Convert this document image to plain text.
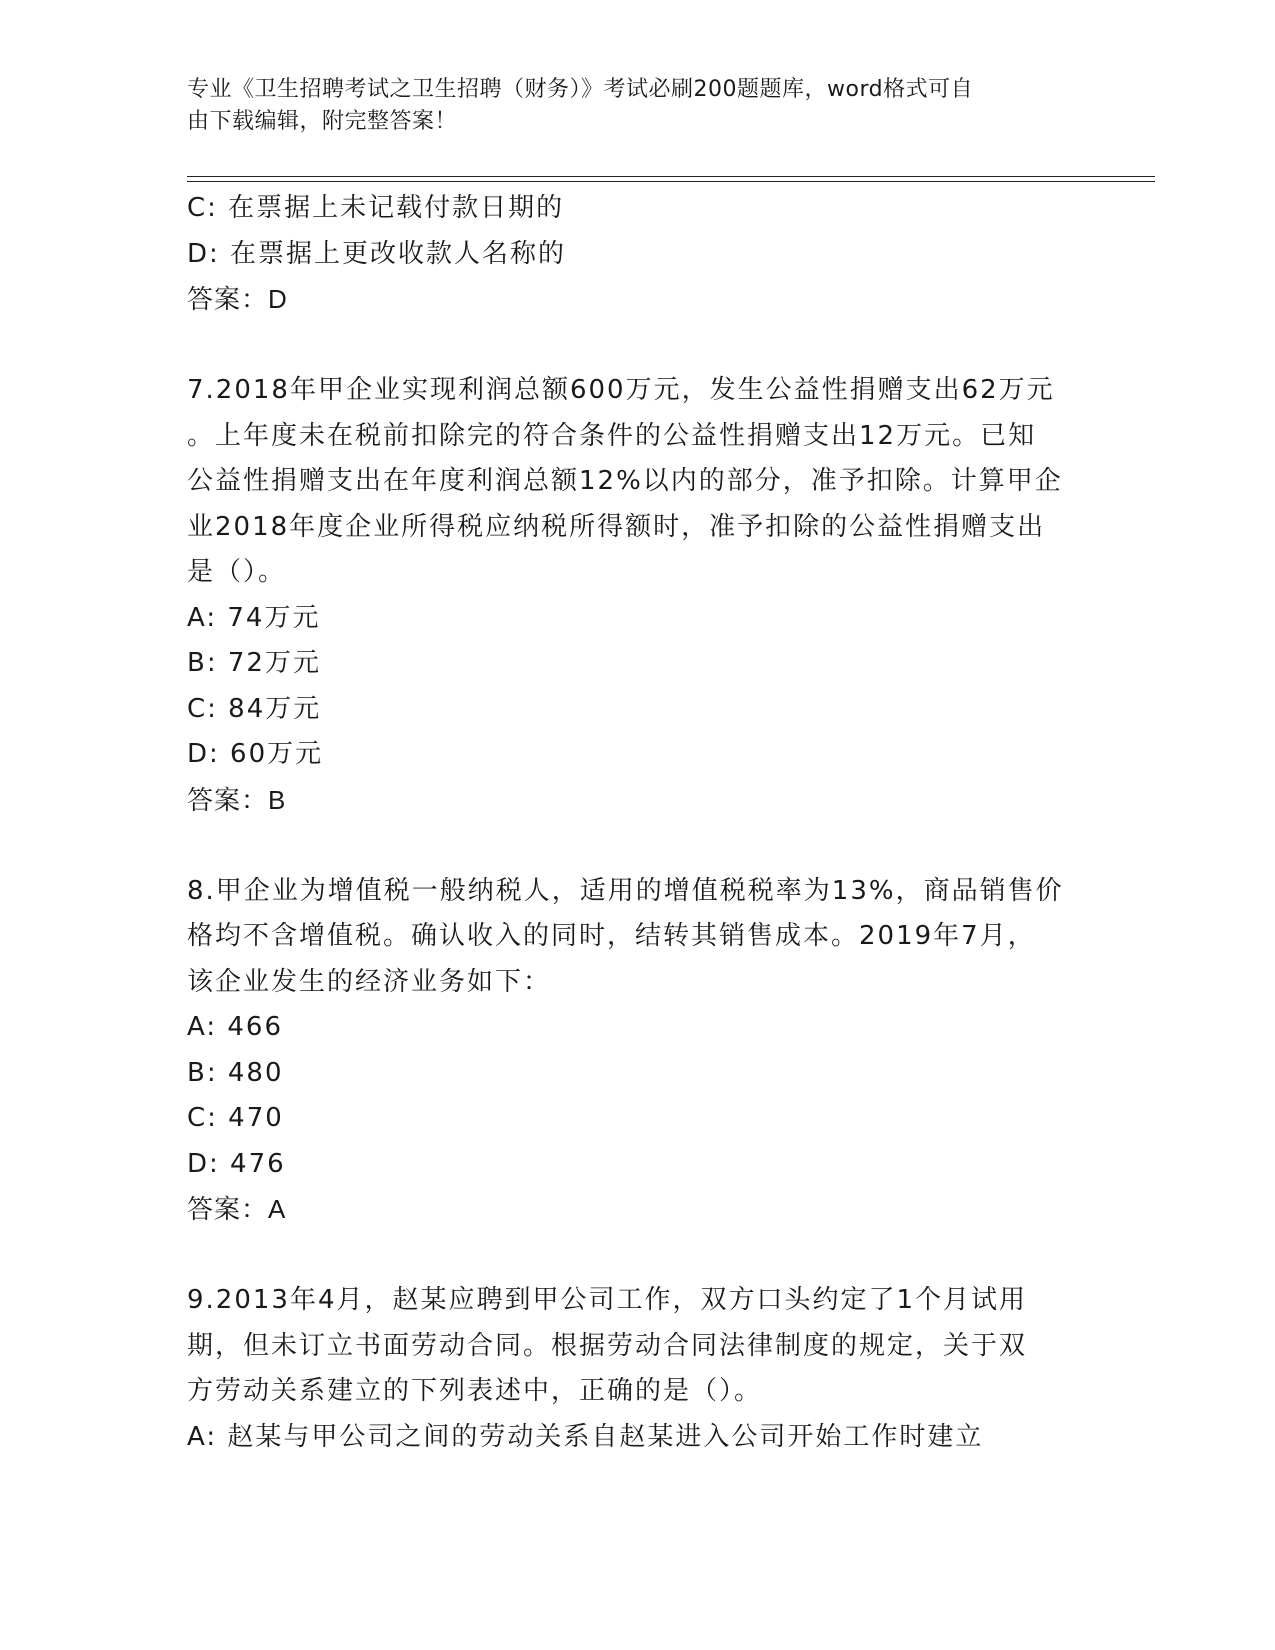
专业《卫生招聘考试之卫生招聘（财务）》考试必刷200题题库，word格式可自
由下载编辑，附完整答案！
C: 在票据上未记载付款日期的
D: 在票据上更改收款人名称的
答案：D
7.2018年甲企业实现利润总额600万元，发生公益性捐赠支出62万元
。上年度未在税前扣除完的符合条件的公益性捐赠支出12万元。已知
公益性捐赠支出在年度利润总额12%以内的部分，准予扣除。计算甲企
业2018年度企业所得税应纳税所得额时，准予扣除的公益性捐赠支出
是（）。
A: 74万元
B: 72万元
C: 84万元
D: 60万元
答案：B
8.甲企业为增值税一般纳税人，适用的增值税税率为13%，商品销售价
格均不含增值税。确认收入的同时，结转其销售成本。2019年7月，
该企业发生的经济业务如下：
A: 466
B: 480
C: 470
D: 476
答案：A
9.2013年4月，赵某应聘到甲公司工作，双方口头约定了1个月试用
期，但未订立书面劳动合同。根据劳动合同法律制度的规定，关于双
方劳动关系建立的下列表述中，正确的是（）。
A: 赵某与甲公司之间的劳动关系自赵某进入公司开始工作时建立
